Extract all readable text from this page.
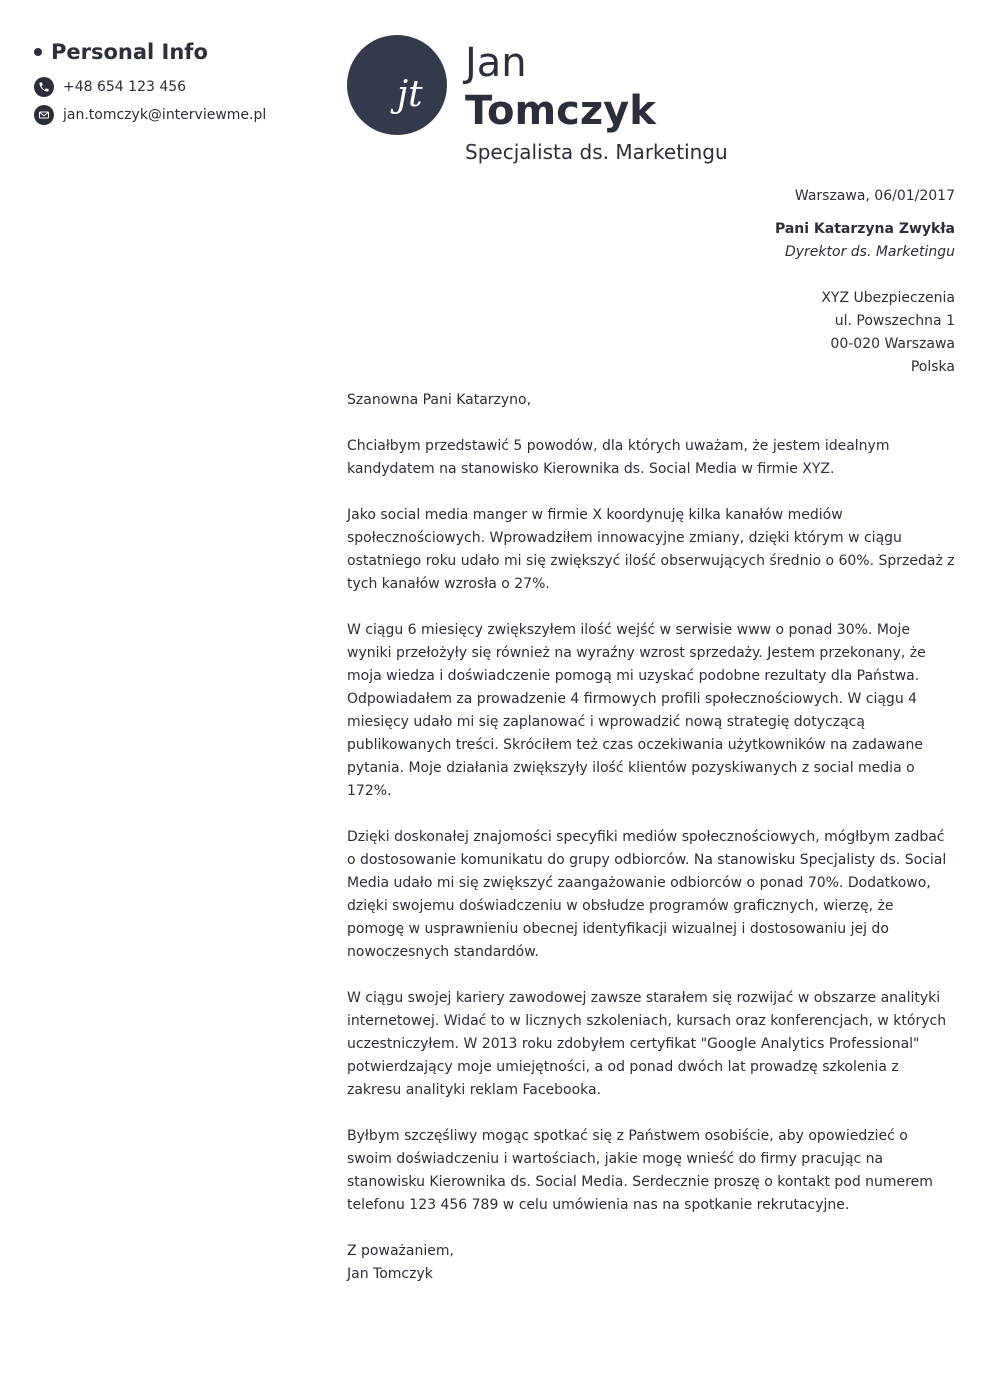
Personal Info
+48 654 123 456
jan.tomczyk@interviewme.pl	jt
Jan
Tomczyk
Specjalista ds. Marketingu
Warszawa, 06/01/2017
Pani Katarzyna Zwykła
Dyrektor ds. Marketingu
XYZ Ubezpieczenia
ul. Powszechna 1
00-020 Warszawa
Polska

Szanowna Pani Katarzyno,

Chciałbym przedstawić 5 powodów, dla których uważam, że jestem idealnym kandydatem na stanowisko Kierownika ds. Social Media w firmie XYZ.

Jako social media manger w firmie X koordynuję kilka kanałów mediów społecznościowych. Wprowadziłem innowacyjne zmiany, dzięki którym w ciągu ostatniego roku udało mi się zwiększyć ilość obserwujących średnio o 60%. Sprzedaż z tych kanałów wzrosła o 27%.

W ciągu 6 miesięcy zwiększyłem ilość wejść w serwisie www o ponad 30%. Moje wyniki przełożyły się również na wyraźny wzrost sprzedaży. Jestem przekonany, że moja wiedza i doświadczenie pomogą mi uzyskać podobne rezultaty dla Państwa. Odpowiadałem za prowadzenie 4 firmowych profili społecznościowych. W ciągu 4 miesięcy udało mi się zaplanować i wprowadzić nową strategię dotyczącą publikowanych treści. Skróciłem też czas oczekiwania użytkowników na zadawane pytania. Moje działania zwiększyły ilość klientów pozyskiwanych z social media o 172%.

Dzięki doskonałej znajomości specyfiki mediów społecznościowych, mógłbym zadbać o dostosowanie komunikatu do grupy odbiorców. Na stanowisku Specjalisty ds. Social Media udało mi się zwiększyć zaangażowanie odbiorców o ponad 70%. Dodatkowo, dzięki swojemu doświadczeniu w obsłudze programów graficznych, wierzę, że pomogę w usprawnieniu obecnej identyfikacji wizualnej i dostosowaniu jej do nowoczesnych standardów.

W ciągu swojej kariery zawodowej zawsze starałem się rozwijać w obszarze analityki internetowej. Widać to w licznych szkoleniach, kursach oraz konferencjach, w których uczestniczyłem. W 2013 roku zdobyłem certyfikat "Google Analytics Professional" potwierdzający moje umiejętności, a od ponad dwóch lat prowadzę szkolenia z zakresu analityki reklam Facebooka.

Byłbym szczęśliwy mogąc spotkać się z Państwem osobiście, aby opowiedzieć o swoim doświadczeniu i wartościach, jakie mogę wnieść do firmy pracując na stanowisku Kierownika ds. Social Media. Serdecznie proszę o kontakt pod numerem telefonu 123 456 789 w celu umówienia nas na spotkanie rekrutacyjne.

Z poważaniem,
Jan Tomczyk
